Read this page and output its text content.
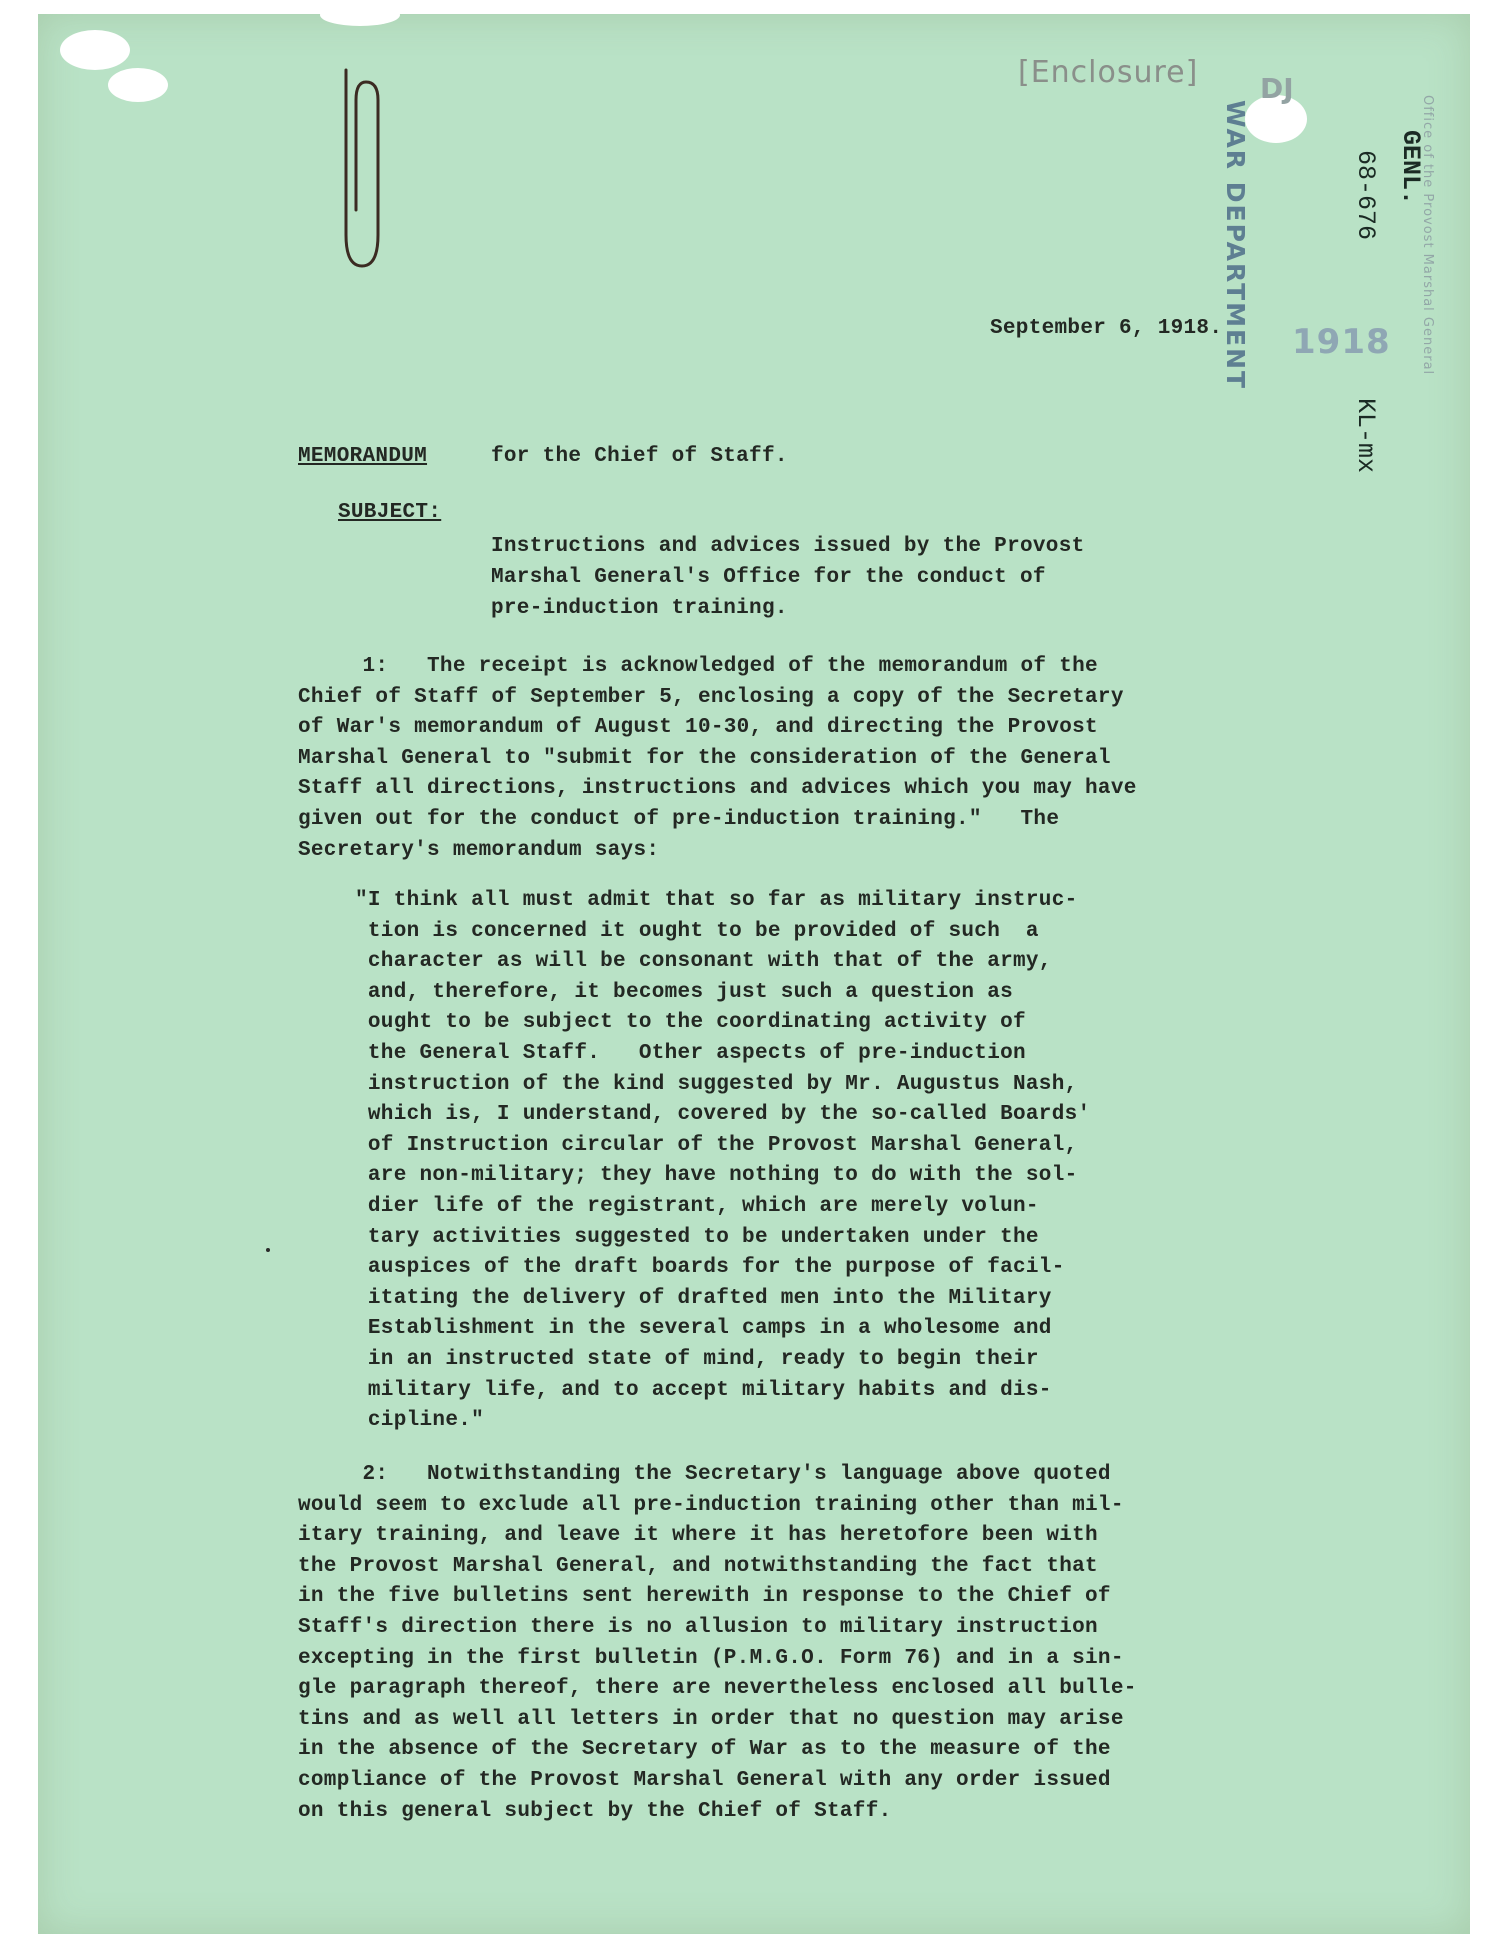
[Enclosure] DJ
WAR DEPARTMENT 1918 Office of the Provost Marshal General
GENL.
68-676
KL-mx
September 6, 1918.
MEMORANDUM	for the Chief of Staff.
SUBJECT:

Instructions and advices issued by the Provost
Marshal General's Office for the conduct of
pre-induction training.
1:   The receipt is acknowledged of the memorandum of the
Chief of Staff of September 5, enclosing a copy of the Secretary
of War's memorandum of August 10-30, and directing the Provost
Marshal General to "submit for the consideration of the General
Staff all directions, instructions and advices which you may have
given out for the conduct of pre-induction training."   The
Secretary's memorandum says:
"I think all must admit that so far as military instruc-
tion is concerned it ought to be provided of such  a
character as will be consonant with that of the army,
and, therefore, it becomes just such a question as
ought to be subject to the coordinating activity of
the General Staff.   Other aspects of pre-induction
instruction of the kind suggested by Mr. Augustus Nash,
which is, I understand, covered by the so-called Boards'
of Instruction circular of the Provost Marshal General,
are non-military; they have nothing to do with the sol-
dier life of the registrant, which are merely volun-
tary activities suggested to be undertaken under the
auspices of the draft boards for the purpose of facil-
itating the delivery of drafted men into the Military
Establishment in the several camps in a wholesome and
in an instructed state of mind, ready to begin their
military life, and to accept military habits and dis-
cipline."
2:   Notwithstanding the Secretary's language above quoted
would seem to exclude all pre-induction training other than mil-
itary training, and leave it where it has heretofore been with
the Provost Marshal General, and notwithstanding the fact that
in the five bulletins sent herewith in response to the Chief of
Staff's direction there is no allusion to military instruction
excepting in the first bulletin (P.M.G.O. Form 76) and in a sin-
gle paragraph thereof, there are nevertheless enclosed all bulle-
tins and as well all letters in order that no question may arise
in the absence of the Secretary of War as to the measure of the
compliance of the Provost Marshal General with any order issued
on this general subject by the Chief of Staff.
